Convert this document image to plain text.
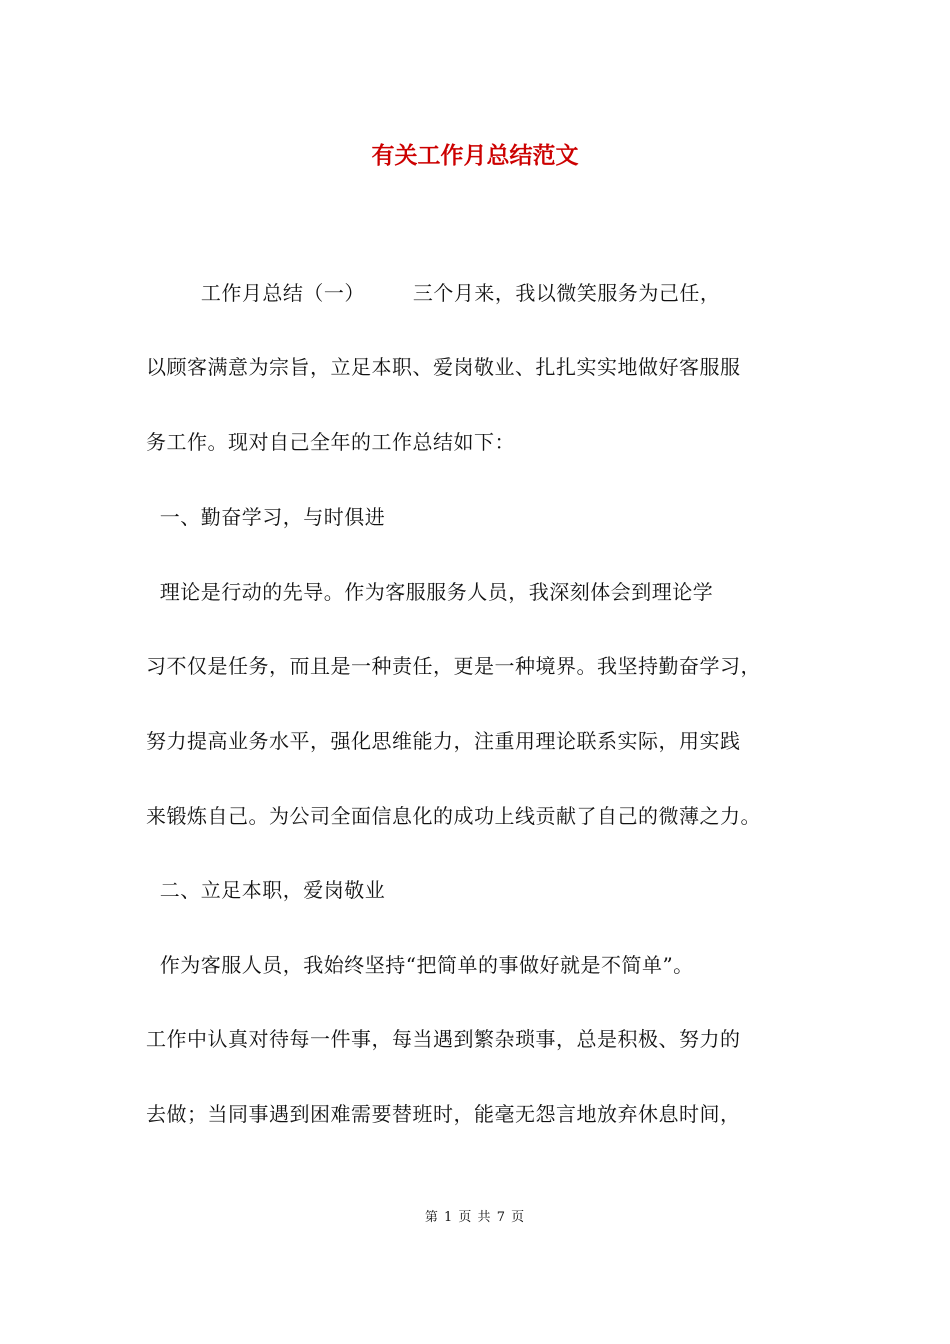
有关工作月总结范文
工作月总结（一）       三个月来，我以微笑服务为己任，
以顾客满意为宗旨，立足本职、爱岗敬业、扎扎实实地做好客服服
务工作。现对自己全年的工作总结如下：
一、勤奋学习，与时俱进
理论是行动的先导。作为客服服务人员，我深刻体会到理论学
习不仅是任务，而且是一种责任，更是一种境界。我坚持勤奋学习，
努力提高业务水平，强化思维能力，注重用理论联系实际，用实践
来锻炼自己。为公司全面信息化的成功上线贡献了自己的微薄之力。
二、立足本职，爱岗敬业
作为客服人员，我始终坚持“把简单的事做好就是不简单”。
工作中认真对待每一件事，每当遇到繁杂琐事，总是积极、努力的
去做；当同事遇到困难需要替班时，能毫无怨言地放弃休息时间，
第 1 页 共 7 页
